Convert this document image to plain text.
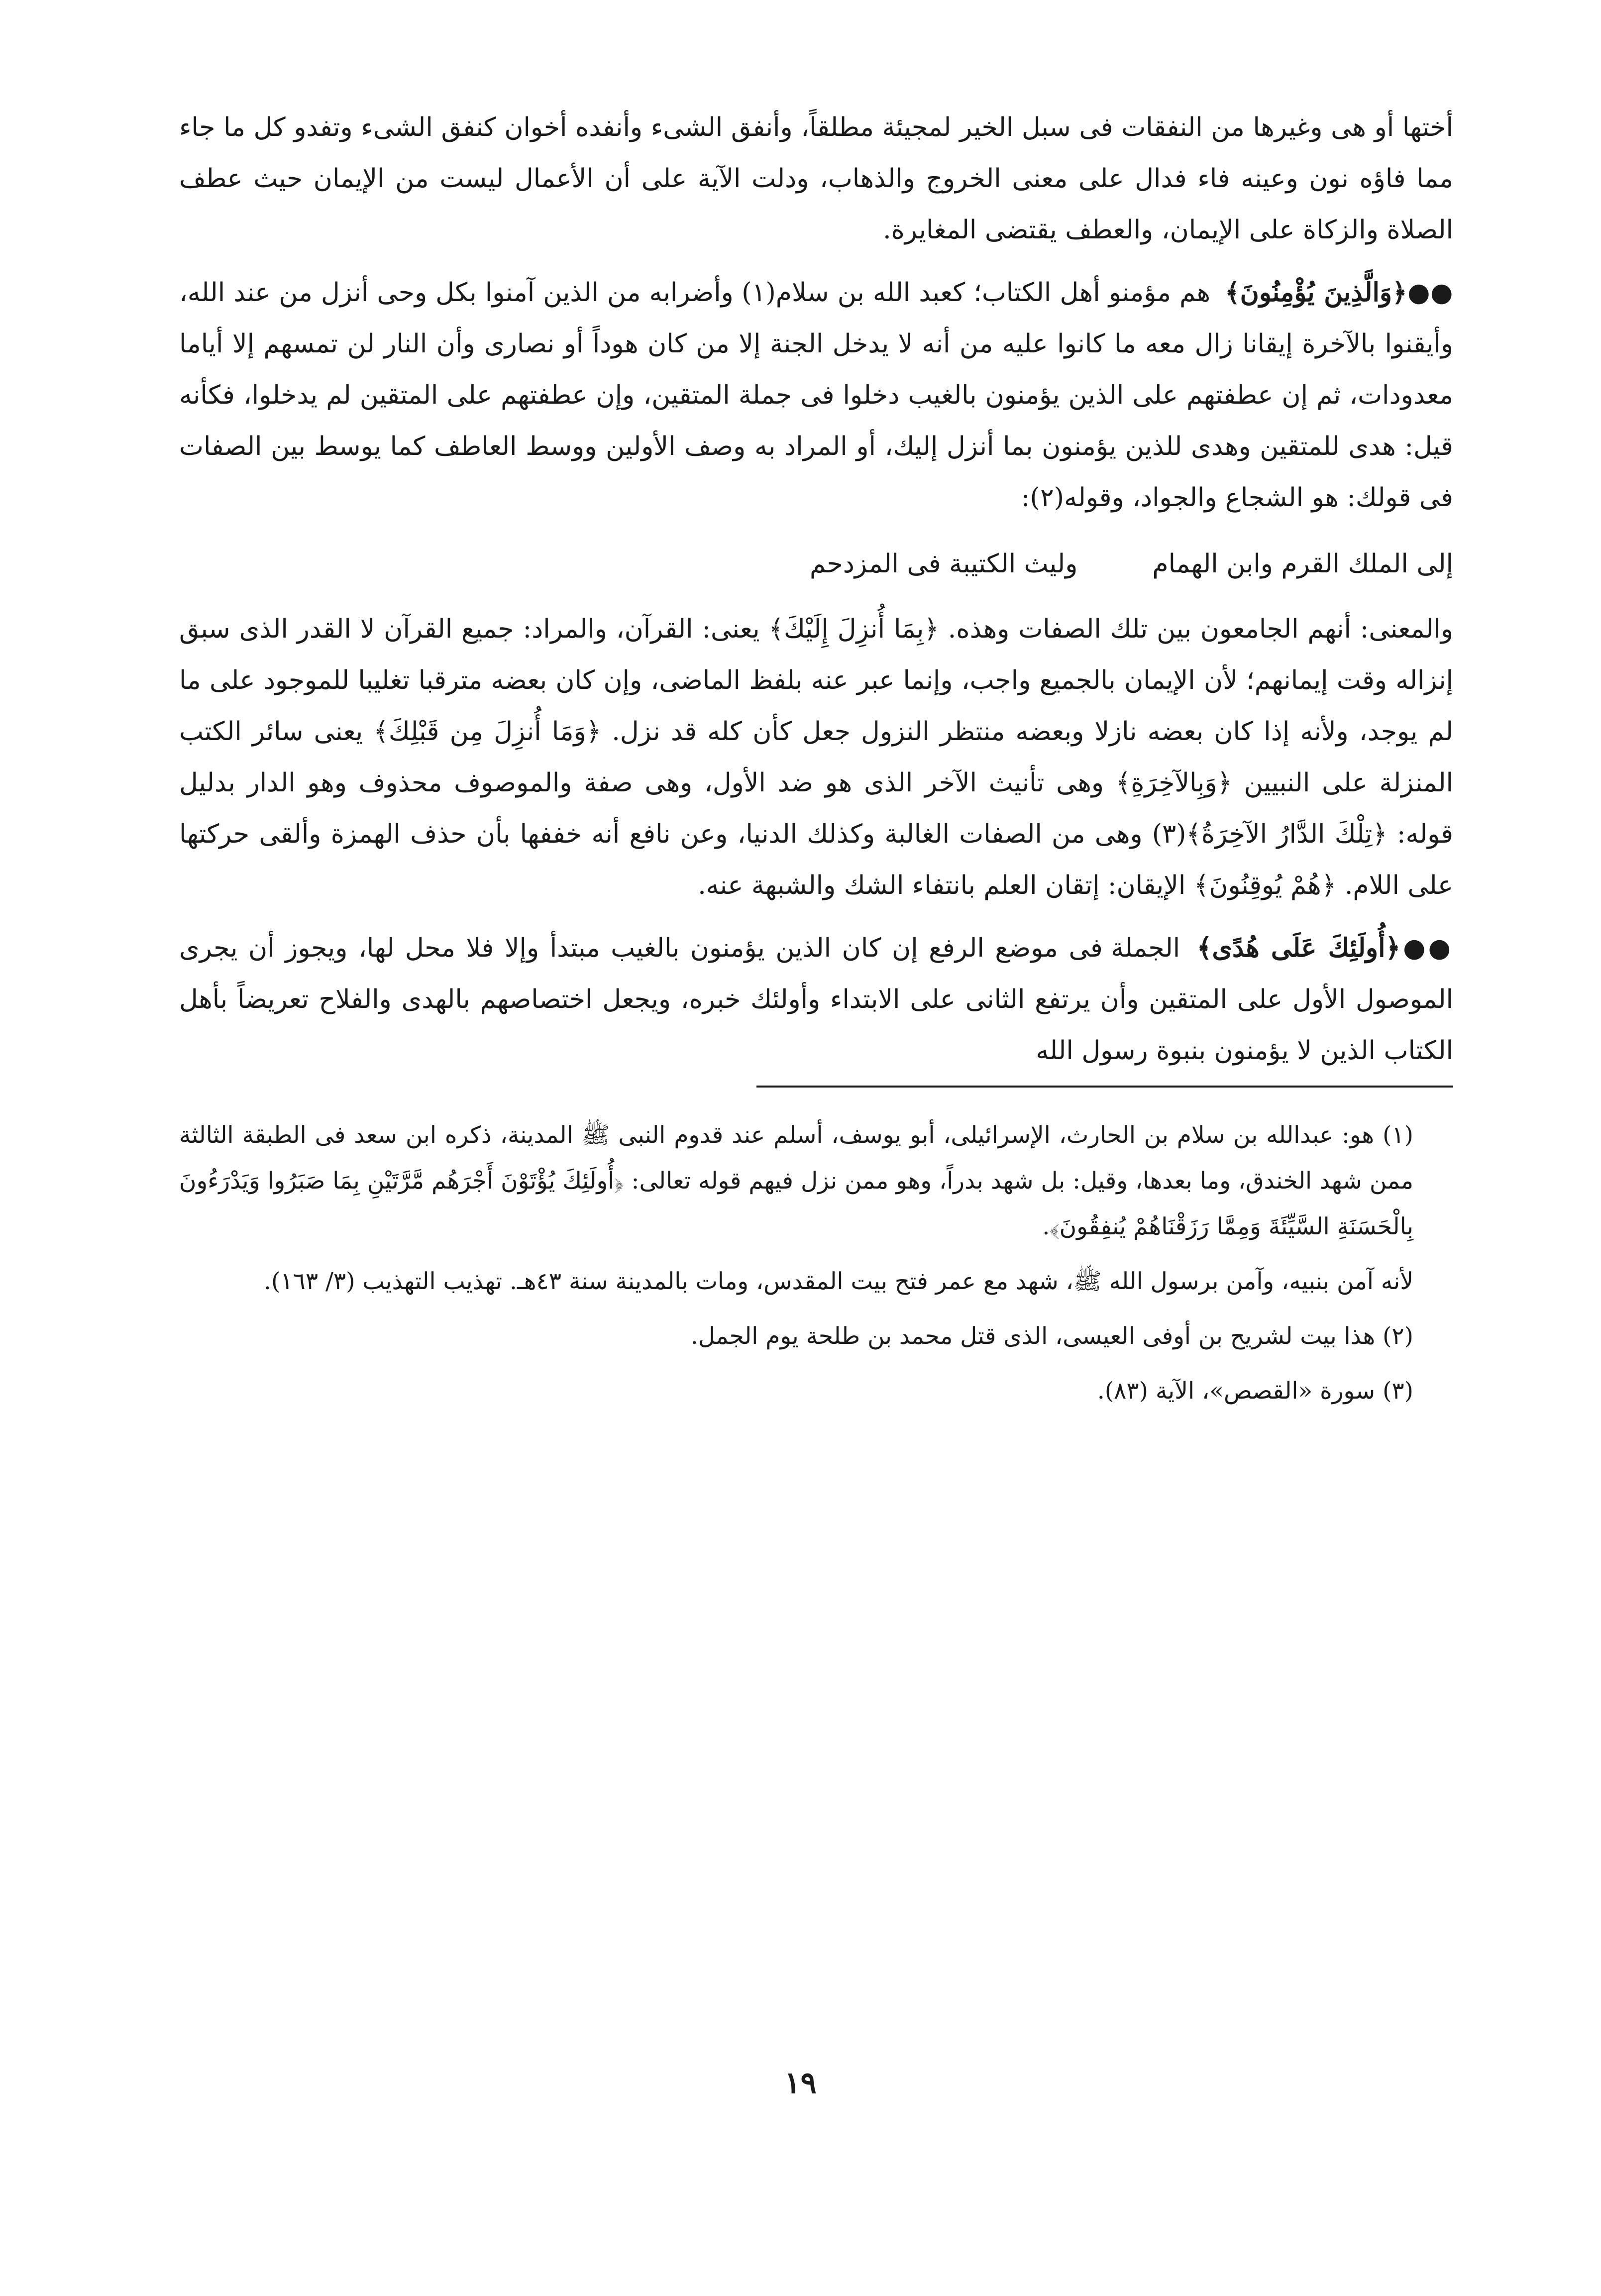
أختها أو هى وغيرها من النفقات فى سبل الخير لمجيئة مطلقاً، وأنفق الشىء وأنفده أخوان كنفق الشىء وتفدو كل ما جاء مما فاؤه نون وعينه فاء فدال على معنى الخروج والذهاب، ودلت الآية على أن الأعمال ليست من الإيمان حيث عطف الصلاة والزكاة على الإيمان، والعطف يقتضى المغايرة.

●●﴿وَالَّذِينَ يُؤْمِنُونَ﴾ هم مؤمنو أهل الكتاب؛ كعبد الله بن سلام(١) وأضرابه من الذين آمنوا بكل وحى أنزل من عند الله، وأيقنوا بالآخرة إيقانا زال معه ما كانوا عليه من أنه لا يدخل الجنة إلا من كان هوداً أو نصارى وأن النار لن تمسهم إلا أياما معدودات، ثم إن عطفتهم على الذين يؤمنون بالغيب دخلوا فى جملة المتقين، وإن عطفتهم على المتقين لم يدخلوا، فكأنه قيل: هدى للمتقين وهدى للذين يؤمنون بما أنزل إليك، أو المراد به وصف الأولين ووسط العاطف كما يوسط بين الصفات فى قولك: هو الشجاع والجواد، وقوله(٢):

إلى الملك القرم وابن الهماموليث الكتيبة فى المزدحم

والمعنى: أنهم الجامعون بين تلك الصفات وهذه. ﴿بِمَا أُنزِلَ إِلَيْكَ﴾ يعنى: القرآن، والمراد: جميع القرآن لا القدر الذى سبق إنزاله وقت إيمانهم؛ لأن الإيمان بالجميع واجب، وإنما عبر عنه بلفظ الماضى، وإن كان بعضه مترقبا تغليبا للموجود على ما لم يوجد، ولأنه إذا كان بعضه نازلا وبعضه منتظر النزول جعل كأن كله قد نزل. ﴿وَمَا أُنزِلَ مِن قَبْلِكَ﴾ يعنى سائر الكتب المنزلة على النبيين ﴿وَبِالآخِرَةِ﴾ وهى تأنيث الآخر الذى هو ضد الأول، وهى صفة والموصوف محذوف وهو الدار بدليل قوله: ﴿تِلْكَ الدَّارُ الآخِرَةُ﴾(٣) وهى من الصفات الغالبة وكذلك الدنيا، وعن نافع أنه خففها بأن حذف الهمزة وألقى حركتها على اللام. ﴿هُمْ يُوقِنُونَ﴾ الإيقان: إتقان العلم بانتفاء الشك والشبهة عنه.

●●﴿أُولَئِكَ عَلَى هُدًى﴾ الجملة فى موضع الرفع إن كان الذين يؤمنون بالغيب مبتدأ وإلا فلا محل لها، ويجوز أن يجرى الموصول الأول على المتقين وأن يرتفع الثانى على الابتداء وأولئك خبره، ويجعل اختصاصهم بالهدى والفلاح تعريضاً بأهل الكتاب الذين لا يؤمنون بنبوة رسول الله

(١) هو: عبدالله بن سلام بن الحارث، الإسرائيلى، أبو يوسف، أسلم عند قدوم النبى ﷺ المدينة، ذكره ابن سعد فى الطبقة الثالثة ممن شهد الخندق، وما بعدها، وقيل: بل شهد بدراً، وهو ممن نزل فيهم قوله تعالى: ﴿أُولَئِكَ يُؤْتَوْنَ أَجْرَهُم مَّرَّتَيْنِ بِمَا صَبَرُوا وَيَدْرَءُونَ بِالْحَسَنَةِ السَّيِّئَةَ وَمِمَّا رَزَقْنَاهُمْ يُنفِقُونَ﴾.

لأنه آمن بنبيه، وآمن برسول الله ﷺ، شهد مع عمر فتح بيت المقدس، ومات بالمدينة سنة ٤٣هـ. تهذيب التهذيب (٣/ ١٦٣).

(٢) هذا بيت لشريح بن أوفى العيسى، الذى قتل محمد بن طلحة يوم الجمل.

(٣) سورة «القصص»، الآية (٨٣).

١٩
